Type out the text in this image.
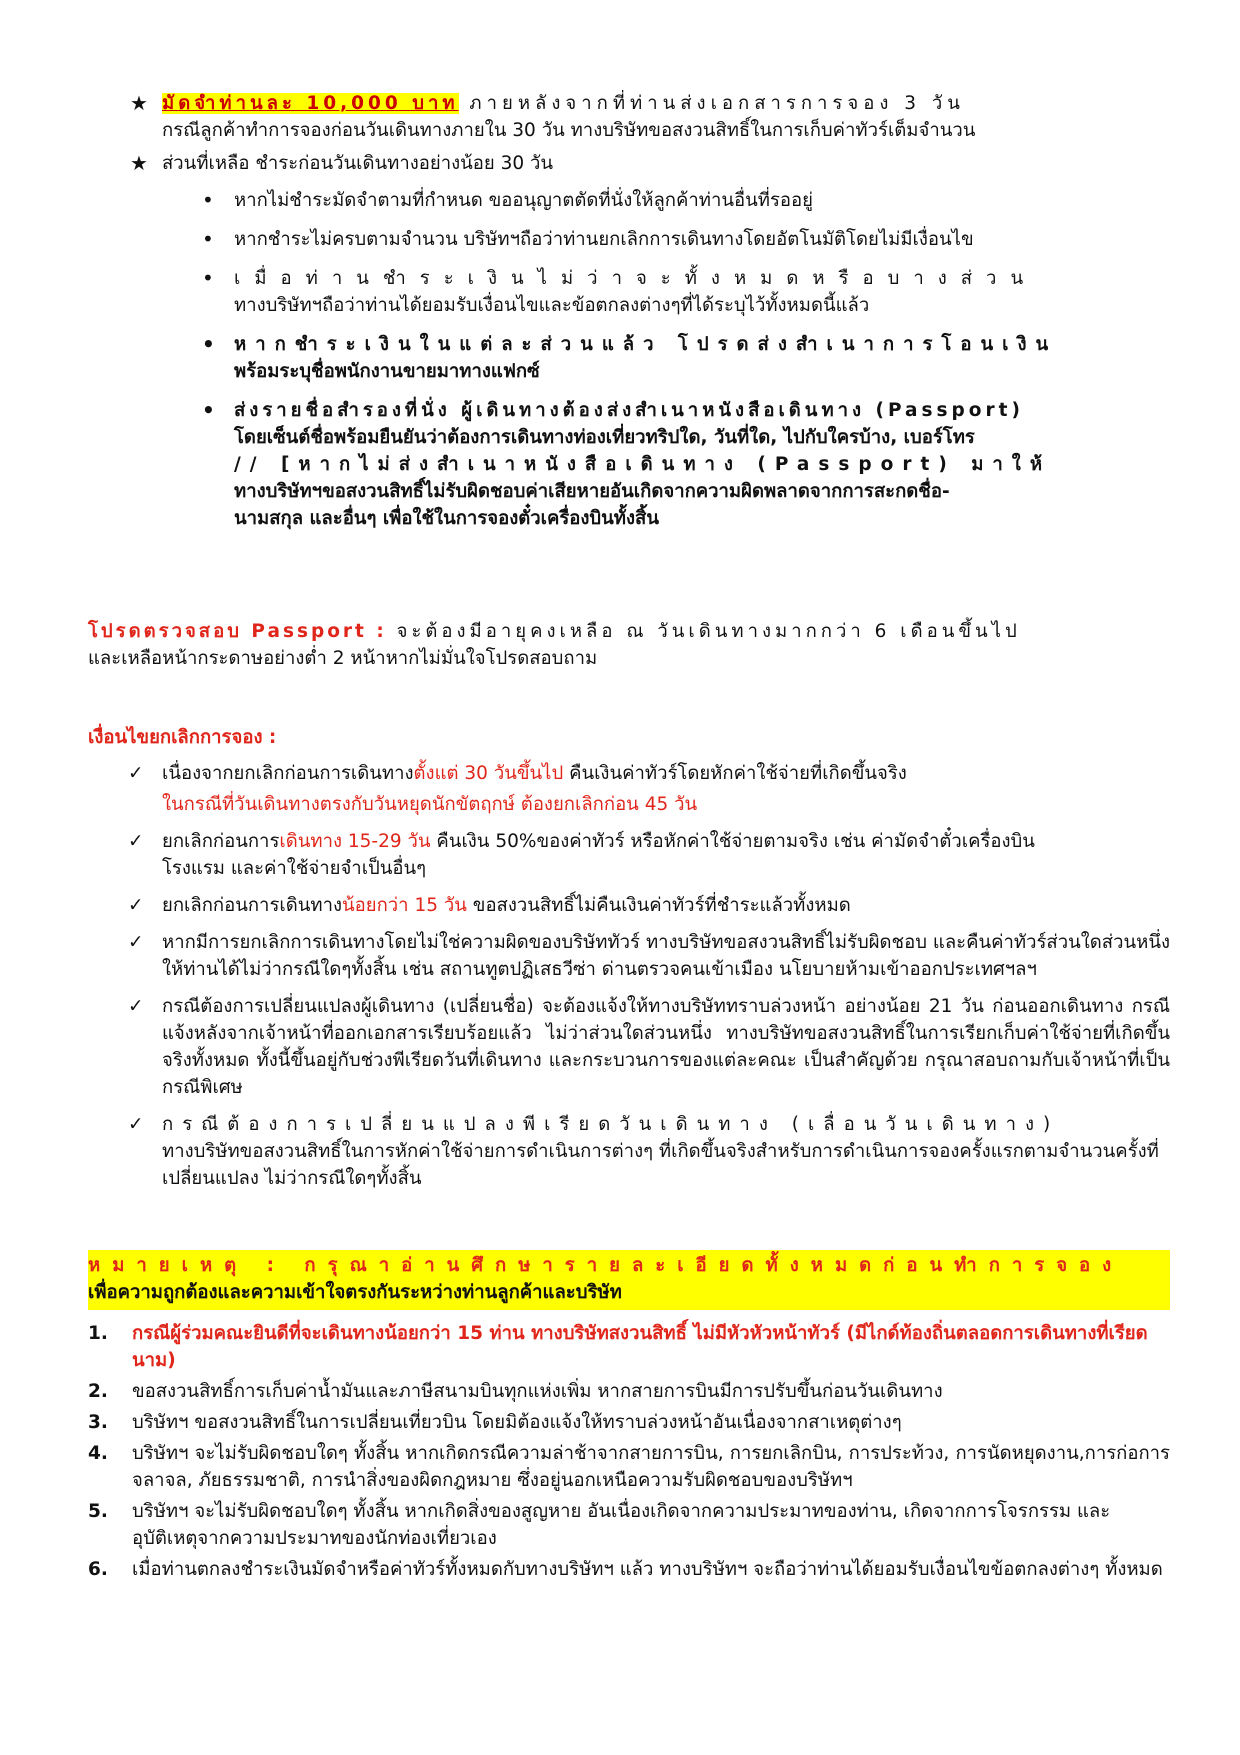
★ มัดจำท่านละ 10,000 บาท ภายหลังจากที่ท่านส่งเอกสารการจอง 3 วัน
กรณีลูกค้าทำการจองก่อนวันเดินทางภายใน 30 วัน ทางบริษัทขอสงวนสิทธิ์ในการเก็บค่าทัวร์เต็มจำนวน
★ ส่วนที่เหลือ ชำระก่อนวันเดินทางอย่างน้อย 30 วัน
• หากไม่ชำระมัดจำตามที่กำหนด ขออนุญาตตัดที่นั่งให้ลูกค้าท่านอื่นที่รออยู่
• หากชำระไม่ครบตามจำนวน บริษัทฯถือว่าท่านยกเลิกการเดินทางโดยอัตโนมัติโดยไม่มีเงื่อนไข
• เมื่อท่านชำระเงินไม่ว่าจะทั้งหมดหรือบางส่วน
ทางบริษัทฯถือว่าท่านได้ยอมรับเงื่อนไขและข้อตกลงต่างๆที่ได้ระบุไว้ทั้งหมดนี้แล้ว
• หากชำระเงินในแต่ละส่วนแล้ว โปรดส่งสำเนาการโอนเงิน
พร้อมระบุชื่อพนักงานขายมาทางแฟกซ์
• ส่งรายชื่อสำรองที่นั่ง ผู้เดินทางต้องส่งสำเนาหนังสือเดินทาง (Passport)
โดยเซ็นต์ชื่อพร้อมยืนยันว่าต้องการเดินทางท่องเที่ยวทริปใด, วันที่ใด, ไปกับใครบ้าง, เบอร์โทร
// [หากไม่ส่งสำเนาหนังสือเดินทาง (Passport) มาให้
ทางบริษัทฯขอสงวนสิทธิ์ไม่รับผิดชอบค่าเสียหายอันเกิดจากความผิดพลาดจากการสะกดชื่อ-
นามสกุล และอื่นๆ เพื่อใช้ในการจองตั๋วเครื่องบินทั้งสิ้น
โปรดตรวจสอบ Passport : จะต้องมีอายุคงเหลือ ณ วันเดินทางมากกว่า 6 เดือนขึ้นไป
และเหลือหน้ากระดาษอย่างต่ำ 2 หน้าหากไม่มั่นใจโปรดสอบถาม
เงื่อนไขยกเลิกการจอง :
✓ เนื่องจากยกเลิกก่อนการเดินทางตั้งแต่ 30 วันขึ้นไป คืนเงินค่าทัวร์โดยหักค่าใช้จ่ายที่เกิดขึ้นจริง
ในกรณีที่วันเดินทางตรงกับวันหยุดนักขัตฤกษ์ ต้องยกเลิกก่อน 45 วัน
✓ ยกเลิกก่อนการเดินทาง 15-29 วัน คืนเงิน 50%ของค่าทัวร์ หรือหักค่าใช้จ่ายตามจริง เช่น ค่ามัดจำตั๋วเครื่องบิน
โรงแรม และค่าใช้จ่ายจำเป็นอื่นๆ
✓ ยกเลิกก่อนการเดินทางน้อยกว่า 15 วัน ขอสงวนสิทธิ์ไม่คืนเงินค่าทัวร์ที่ชำระแล้วทั้งหมด
✓ หากมีการยกเลิกการเดินทางโดยไม่ใช่ความผิดของบริษัททัวร์ ทางบริษัทขอสงวนสิทธิ์ไม่รับผิดชอบ และคืนค่าทัวร์ส่วนใดส่วนหนึ่งให้ท่านได้ไม่ว่ากรณีใดๆทั้งสิ้น เช่น สถานทูตปฏิเสธวีซ่า ด่านตรวจคนเข้าเมือง นโยบายห้ามเข้าออกประเทศฯลฯ
✓ กรณีต้องการเปลี่ยนแปลงผู้เดินทาง (เปลี่ยนชื่อ) จะต้องแจ้งให้ทางบริษัททราบล่วงหน้า อย่างน้อย 21 วัน ก่อนออกเดินทาง กรณีแจ้งหลังจากเจ้าหน้าที่ออกเอกสารเรียบร้อยแล้ว ไม่ว่าส่วนใดส่วนหนึ่ง ทางบริษัทขอสงวนสิทธิ์ในการเรียกเก็บค่าใช้จ่ายที่เกิดขึ้นจริงทั้งหมด ทั้งนี้ขึ้นอยู่กับช่วงพีเรียดวันที่เดินทาง และกระบวนการของแต่ละคณะ เป็นสำคัญด้วย กรุณาสอบถามกับเจ้าหน้าที่เป็นกรณีพิเศษ
✓ กรณีต้องการเปลี่ยนแปลงพีเรียดวันเดินทาง (เลื่อนวันเดินทาง)
ทางบริษัทขอสงวนสิทธิ์ในการหักค่าใช้จ่ายการดำเนินการต่างๆ ที่เกิดขึ้นจริงสำหรับการดำเนินการจองครั้งแรกตามจำนวนครั้งที่เปลี่ยนแปลง ไม่ว่ากรณีใดๆทั้งสิ้น
หมายเหตุ : กรุณาอ่านศึกษารายละเอียดทั้งหมดก่อนทำการจอง
เพื่อความถูกต้องและความเข้าใจตรงกันระหว่างท่านลูกค้าและบริษัท
1. กรณีผู้ร่วมคณะยินดีที่จะเดินทางน้อยกว่า 15 ท่าน ทางบริษัทสงวนสิทธิ์ ไม่มีหัวหัวหน้าทัวร์ (มีไกด์ท้องถิ่นตลอดการเดินทางที่เรียดนาม)
2. ขอสงวนสิทธิ์การเก็บค่าน้ำมันและภาษีสนามบินทุกแห่งเพิ่ม หากสายการบินมีการปรับขึ้นก่อนวันเดินทาง
3. บริษัทฯ ขอสงวนสิทธิ์ในการเปลี่ยนเที่ยวบิน โดยมิต้องแจ้งให้ทราบล่วงหน้าอันเนื่องจากสาเหตุต่างๆ
4. บริษัทฯ จะไม่รับผิดชอบใดๆ ทั้งสิ้น หากเกิดกรณีความล่าช้าจากสายการบิน, การยกเลิกบิน, การประท้วง, การนัดหยุดงาน,การก่อการจลาจล, ภัยธรรมชาติ, การนำสิ่งของผิดกฎหมาย ซึ่งอยู่นอกเหนือความรับผิดชอบของบริษัทฯ
5. บริษัทฯ จะไม่รับผิดชอบใดๆ ทั้งสิ้น หากเกิดสิ่งของสูญหาย อันเนื่องเกิดจากความประมาทของท่าน, เกิดจากการโจรกรรม และ อุบัติเหตุจากความประมาทของนักท่องเที่ยวเอง
6. เมื่อท่านตกลงชำระเงินมัดจำหรือค่าทัวร์ทั้งหมดกับทางบริษัทฯ แล้ว ทางบริษัทฯ จะถือว่าท่านได้ยอมรับเงื่อนไขข้อตกลงต่างๆ ทั้งหมด
